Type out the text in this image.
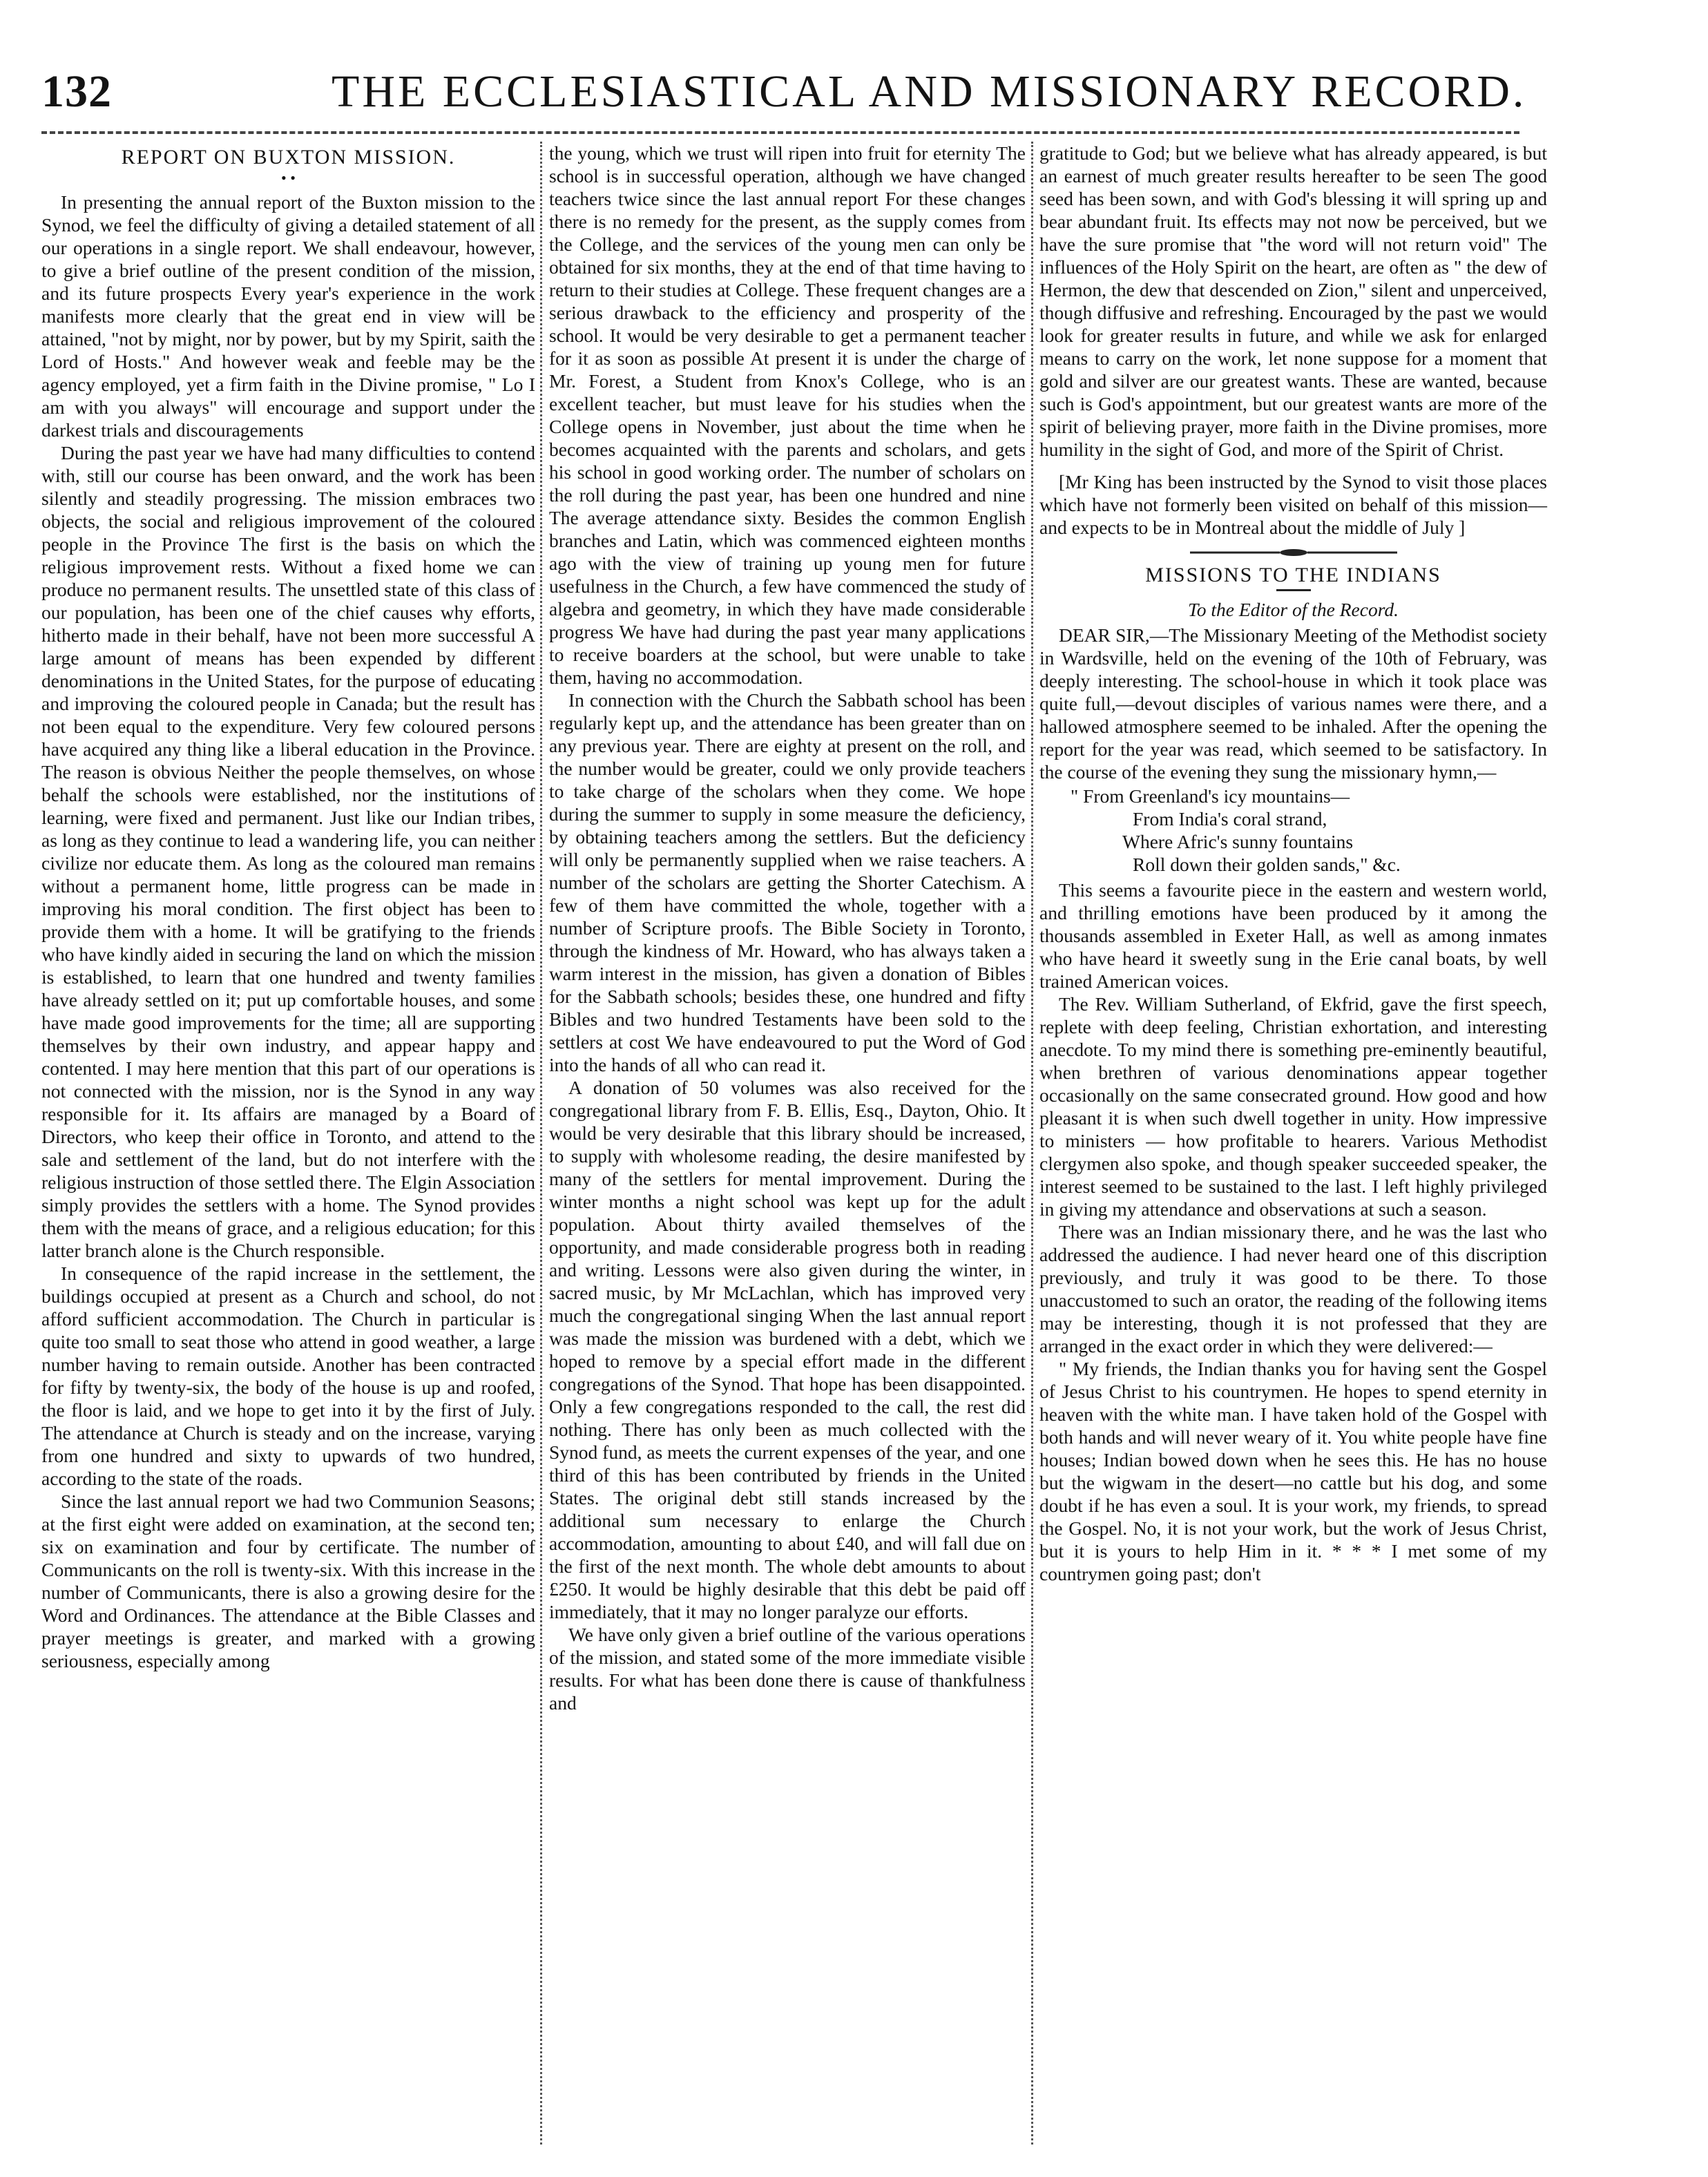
132	THE ECCLESIASTICAL AND MISSIONARY RECORD.
REPORT ON BUXTON MISSION.
• •

In presenting the annual report of the Buxton mission to the Synod, we feel the difficulty of giving a detailed statement of all our operations in a single report. We shall endeavour, however, to give a brief outline of the present condition of the mission, and its future prospects Every year's experience in the work manifests more clearly that the great end in view will be attained, "not by might, nor by power, but by my Spirit, saith the Lord of Hosts." And however weak and feeble may be the agency employed, yet a firm faith in the Divine promise, " Lo I am with you always" will encourage and support under the darkest trials and discouragements

During the past year we have had many difficulties to contend with, still our course has been onward, and the work has been silently and steadily progressing. The mission embraces two objects, the social and religious improvement of the coloured people in the Province The first is the basis on which the religious improvement rests. Without a fixed home we can produce no permanent results. The unsettled state of this class of our population, has been one of the chief causes why efforts, hitherto made in their behalf, have not been more successful A large amount of means has been expended by different denominations in the United States, for the purpose of educating and improving the coloured people in Canada; but the result has not been equal to the expenditure. Very few coloured persons have acquired any thing like a liberal education in the Province. The reason is obvious Neither the people themselves, on whose behalf the schools were established, nor the institutions of learning, were fixed and permanent. Just like our Indian tribes, as long as they continue to lead a wandering life, you can neither civilize nor educate them. As long as the coloured man remains without a permanent home, little progress can be made in improving his moral condition. The first object has been to provide them with a home. It will be gratifying to the friends who have kindly aided in securing the land on which the mission is established, to learn that one hundred and twenty families have already settled on it; put up comfortable houses, and some have made good improvements for the time; all are supporting themselves by their own industry, and appear happy and contented. I may here mention that this part of our operations is not connected with the mission, nor is the Synod in any way responsible for it. Its affairs are managed by a Board of Directors, who keep their office in Toronto, and attend to the sale and settlement of the land, but do not interfere with the religious instruction of those settled there. The Elgin Association simply provides the settlers with a home. The Synod provides them with the means of grace, and a religious education; for this latter branch alone is the Church responsible.

In consequence of the rapid increase in the settlement, the buildings occupied at present as a Church and school, do not afford sufficient accommodation. The Church in particular is quite too small to seat those who attend in good weather, a large number having to remain outside. Another has been contracted for fifty by twenty-six, the body of the house is up and roofed, the floor is laid, and we hope to get into it by the first of July. The attendance at Church is steady and on the increase, varying from one hundred and sixty to upwards of two hundred, according to the state of the roads.

Since the last annual report we had two Communion Seasons; at the first eight were added on examination, at the second ten; six on examination and four by certificate. The number of Communicants on the roll is twenty-six. With this increase in the number of Communicants, there is also a growing desire for the Word and Ordinances. The attendance at the Bible Classes and prayer meetings is greater, and marked with a growing seriousness, especially among

the young, which we trust will ripen into fruit for eternity The school is in successful operation, although we have changed teachers twice since the last annual report For these changes there is no remedy for the present, as the supply comes from the College, and the services of the young men can only be obtained for six months, they at the end of that time having to return to their studies at College. These frequent changes are a serious drawback to the efficiency and prosperity of the school. It would be very desirable to get a permanent teacher for it as soon as possible At present it is under the charge of Mr. Forest, a Student from Knox's College, who is an excellent teacher, but must leave for his studies when the College opens in November, just about the time when he becomes acquainted with the parents and scholars, and gets his school in good working order. The number of scholars on the roll during the past year, has been one hundred and nine The average attendance sixty. Besides the common English branches and Latin, which was commenced eighteen months ago with the view of training up young men for future usefulness in the Church, a few have commenced the study of algebra and geometry, in which they have made considerable progress We have had during the past year many applications to receive boarders at the school, but were unable to take them, having no accommodation.

In connection with the Church the Sabbath school has been regularly kept up, and the attendance has been greater than on any previous year. There are eighty at present on the roll, and the number would be greater, could we only provide teachers to take charge of the scholars when they come. We hope during the summer to supply in some measure the deficiency, by obtaining teachers among the settlers. But the deficiency will only be permanently supplied when we raise teachers. A number of the scholars are getting the Shorter Catechism. A few of them have committed the whole, together with a number of Scripture proofs. The Bible Society in Toronto, through the kindness of Mr. Howard, who has always taken a warm interest in the mission, has given a donation of Bibles for the Sabbath schools; besides these, one hundred and fifty Bibles and two hundred Testaments have been sold to the settlers at cost We have endeavoured to put the Word of God into the hands of all who can read it.

A donation of 50 volumes was also received for the congregational library from F. B. Ellis, Esq., Dayton, Ohio. It would be very desirable that this library should be increased, to supply with wholesome reading, the desire manifested by many of the settlers for mental improvement. During the winter months a night school was kept up for the adult population. About thirty availed themselves of the opportunity, and made considerable progress both in reading and writing. Lessons were also given during the winter, in sacred music, by Mr McLachlan, which has improved very much the congregational singing When the last annual report was made the mission was burdened with a debt, which we hoped to remove by a special effort made in the different congregations of the Synod. That hope has been disappointed. Only a few congregations responded to the call, the rest did nothing. There has only been as much collected with the Synod fund, as meets the current expenses of the year, and one third of this has been contributed by friends in the United States. The original debt still stands increased by the additional sum necessary to enlarge the Church accommodation, amounting to about £40, and will fall due on the first of the next month. The whole debt amounts to about £250. It would be highly desirable that this debt be paid off immediately, that it may no longer paralyze our efforts.

We have only given a brief outline of the various operations of the mission, and stated some of the more immediate visible results. For what has been done there is cause of thankfulness and

gratitude to God; but we believe what has already appeared, is but an earnest of much greater results hereafter to be seen The good seed has been sown, and with God's blessing it will spring up and bear abundant fruit. Its effects may not now be perceived, but we have the sure promise that "the word will not return void" The influences of the Holy Spirit on the heart, are often as " the dew of Hermon, the dew that descended on Zion," silent and unperceived, though diffusive and refreshing. Encouraged by the past we would look for greater results in future, and while we ask for enlarged means to carry on the work, let none suppose for a moment that gold and silver are our greatest wants. These are wanted, because such is God's appointment, but our greatest wants are more of the spirit of believing prayer, more faith in the Divine promises, more humility in the sight of God, and more of the Spirit of Christ.

[Mr King has been instructed by the Synod to visit those places which have not formerly been visited on behalf of this mission—and expects to be in Montreal about the middle of July ]

MISSIONS TO THE INDIANS
To the Editor of the Record.

DEAR SIR,—The Missionary Meeting of the Methodist society in Wardsville, held on the evening of the 10th of February, was deeply interesting. The school-house in which it took place was quite full,—devout disciples of various names were there, and a hallowed atmosphere seemed to be inhaled. After the opening the report for the year was read, which seemed to be satisfactory. In the course of the evening they sung the missionary hymn,—

" From Greenland's icy mountains—
From India's coral strand,
Where Afric's sunny fountains
Roll down their golden sands," &c.

This seems a favourite piece in the eastern and western world, and thrilling emotions have been produced by it among the thousands assembled in Exeter Hall, as well as among inmates who have heard it sweetly sung in the Erie canal boats, by well trained American voices.

The Rev. William Sutherland, of Ekfrid, gave the first speech, replete with deep feeling, Christian exhortation, and interesting anecdote. To my mind there is something pre-eminently beautiful, when brethren of various denominations appear together occasionally on the same consecrated ground. How good and how pleasant it is when such dwell together in unity. How impressive to ministers — how profitable to hearers. Various Methodist clergymen also spoke, and though speaker succeeded speaker, the interest seemed to be sustained to the last. I left highly privileged in giving my attendance and observations at such a season.

There was an Indian missionary there, and he was the last who addressed the audience. I had never heard one of this discription previously, and truly it was good to be there. To those unaccustomed to such an orator, the reading of the following items may be interesting, though it is not professed that they are arranged in the exact order in which they were delivered:—

" My friends, the Indian thanks you for having sent the Gospel of Jesus Christ to his countrymen. He hopes to spend eternity in heaven with the white man. I have taken hold of the Gospel with both hands and will never weary of it. You white people have fine houses; Indian bowed down when he sees this. He has no house but the wigwam in the desert—no cattle but his dog, and some doubt if he has even a soul. It is your work, my friends, to spread the Gospel. No, it is not your work, but the work of Jesus Christ, but it is yours to help Him in it. * * * I met some of my countrymen going past; don't
